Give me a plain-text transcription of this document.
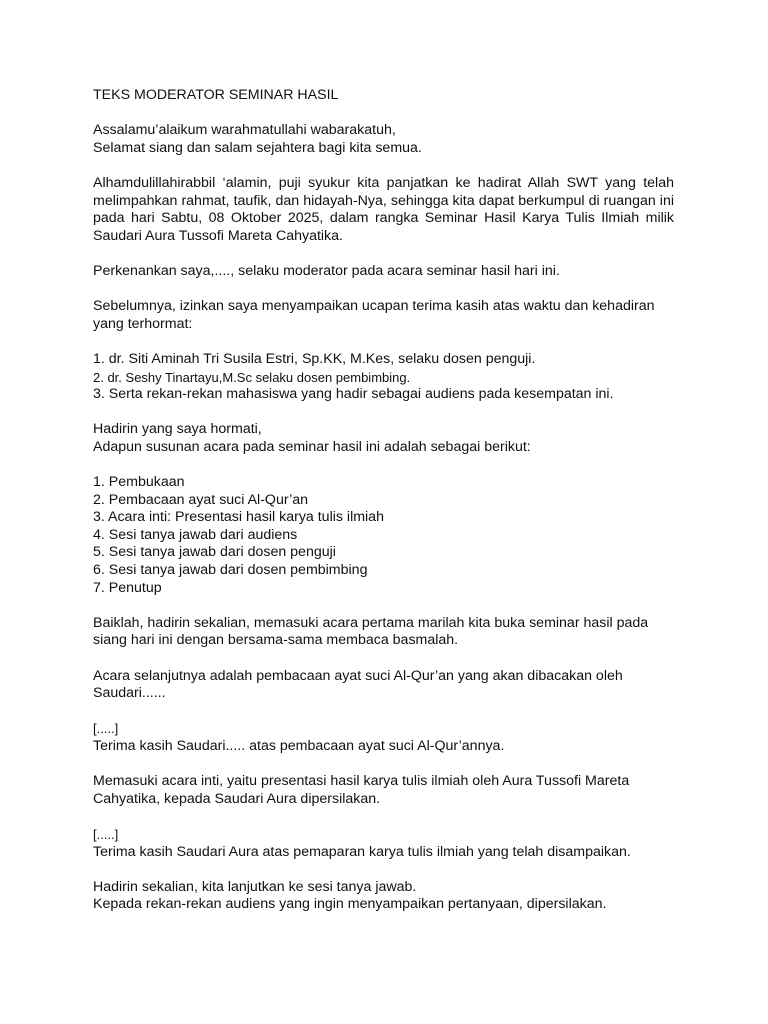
TEKS MODERATOR SEMINAR HASIL

Assalamu’alaikum warahmatullahi wabarakatuh,
Selamat siang dan salam sejahtera bagi kita semua.

Alhamdulillahirabbil ‘alamin, puji syukur kita panjatkan ke hadirat Allah SWT yang telah melimpahkan rahmat, taufik, dan hidayah-Nya, sehingga kita dapat berkumpul di ruangan ini pada hari Sabtu, 08 Oktober 2025, dalam rangka Seminar Hasil Karya Tulis Ilmiah milik Saudari Aura Tussofi Mareta Cahyatika.

Perkenankan saya,...., selaku moderator pada acara seminar hasil hari ini.

Sebelumnya, izinkan saya menyampaikan ucapan terima kasih atas waktu dan kehadiran
yang terhormat:

1. dr. Siti Aminah Tri Susila Estri, Sp.KK, M.Kes, selaku dosen penguji.
2. dr. Seshy Tinartayu,M.Sc selaku dosen pembimbing.
3. Serta rekan-rekan mahasiswa yang hadir sebagai audiens pada kesempatan ini.

Hadirin yang saya hormati,
Adapun susunan acara pada seminar hasil ini adalah sebagai berikut:

1. Pembukaan
2. Pembacaan ayat suci Al-Qur’an
3. Acara inti: Presentasi hasil karya tulis ilmiah
4. Sesi tanya jawab dari audiens
5. Sesi tanya jawab dari dosen penguji
6. Sesi tanya jawab dari dosen pembimbing
7. Penutup

Baiklah, hadirin sekalian, memasuki acara pertama marilah kita buka seminar hasil pada
siang hari ini dengan bersama-sama membaca basmalah.

Acara selanjutnya adalah pembacaan ayat suci Al-Qur’an yang akan dibacakan oleh
Saudari......

[.....]
Terima kasih Saudari..... atas pembacaan ayat suci Al-Qur’annya.

Memasuki acara inti, yaitu presentasi hasil karya tulis ilmiah oleh Aura Tussofi Mareta
Cahyatika, kepada Saudari Aura dipersilakan.

[.....]
Terima kasih Saudari Aura atas pemaparan karya tulis ilmiah yang telah disampaikan.

Hadirin sekalian, kita lanjutkan ke sesi tanya jawab.
Kepada rekan-rekan audiens yang ingin menyampaikan pertanyaan, dipersilakan.
